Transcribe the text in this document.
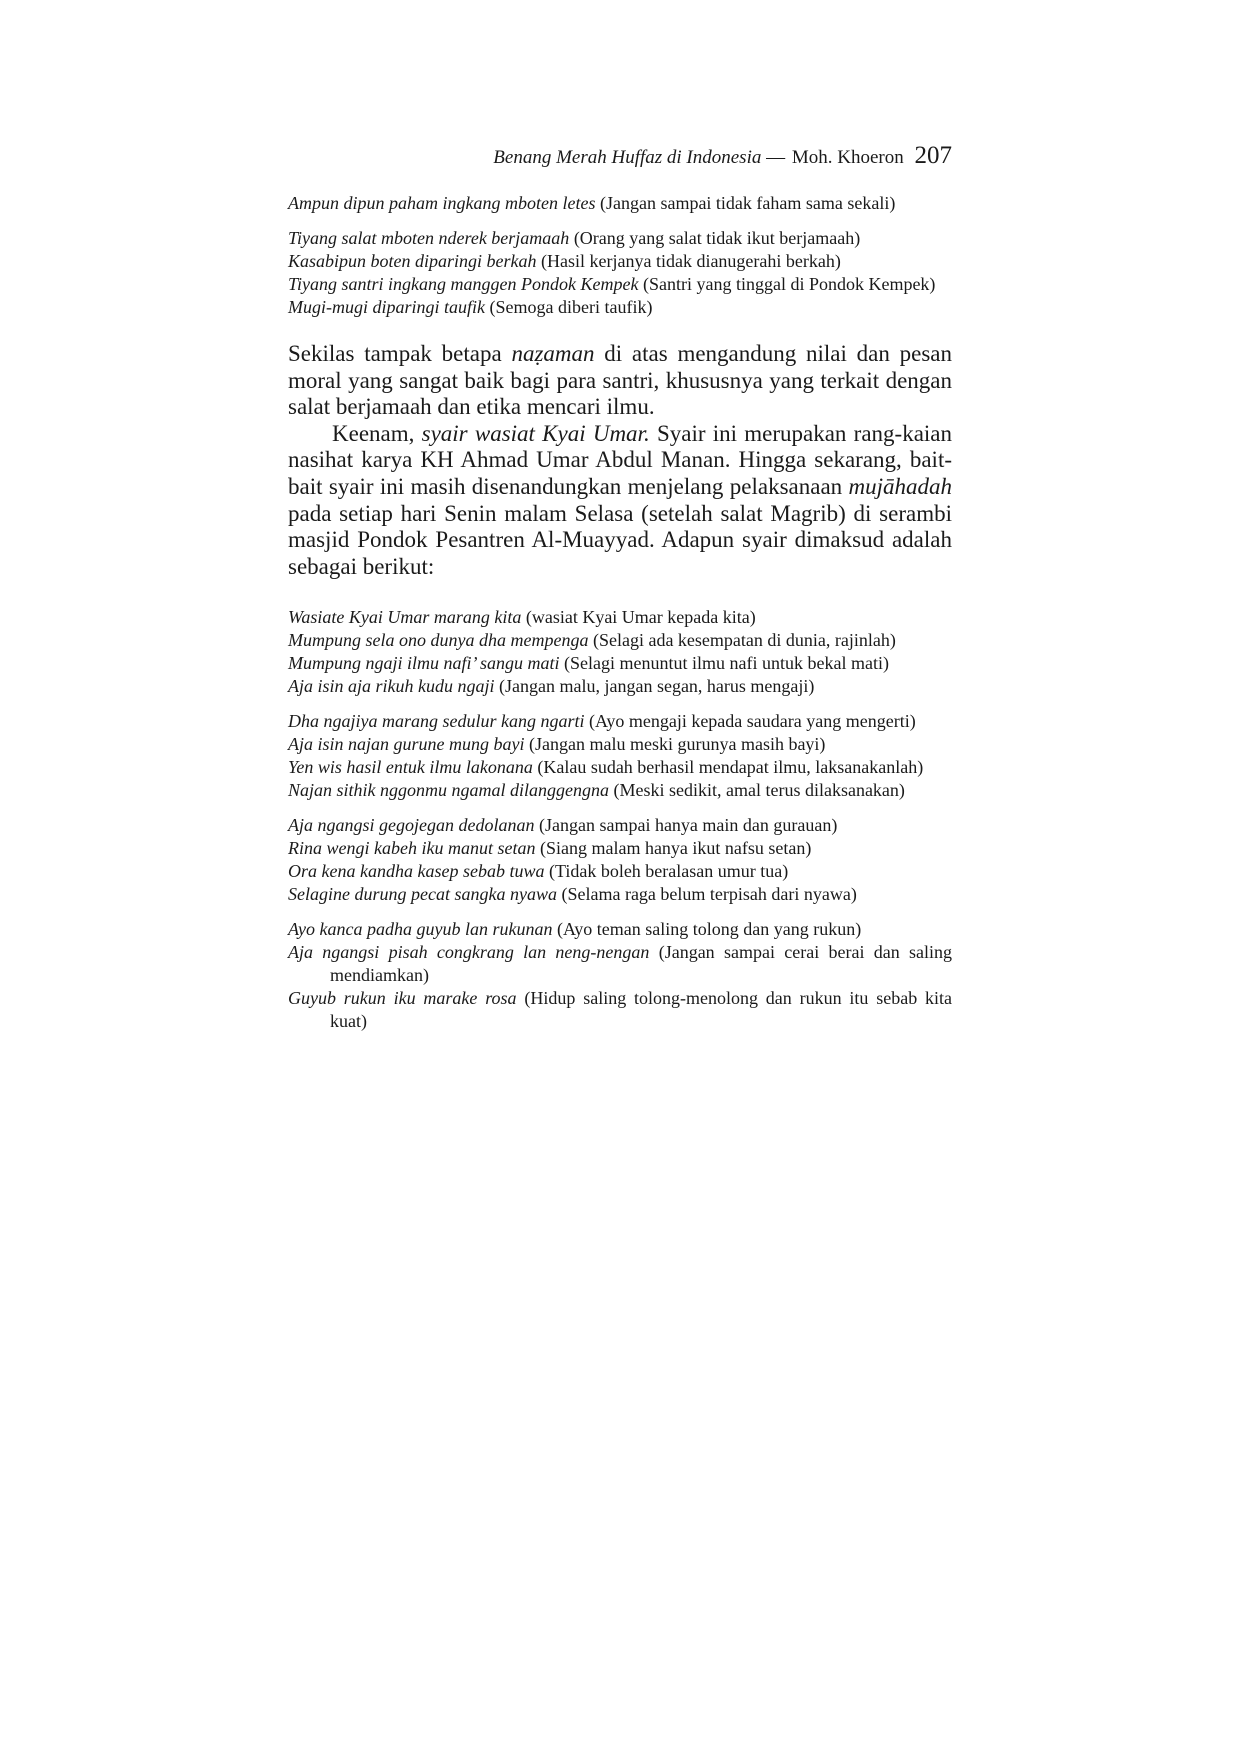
Benang Merah Huffaz di Indonesia — Moh. Khoeron 207

Ampun dipun paham ingkang mboten letes (Jangan sampai tidak faham sama sekali)

Tiyang salat mboten nderek berjamaah (Orang yang salat tidak ikut berjamaah)

Kasabipun boten diparingi berkah (Hasil kerjanya tidak dianugerahi berkah)

Tiyang santri ingkang manggen Pondok Kempek (Santri yang tinggal di Pondok Kempek)

Mugi-mugi diparingi taufik (Semoga diberi taufik)

Sekilas tampak betapa naẓaman di atas mengandung nilai dan pesan moral yang sangat baik bagi para santri, khususnya yang terkait dengan salat berjamaah dan etika mencari ilmu.

Keenam, syair wasiat Kyai Umar. Syair ini merupakan rang-kaian nasihat karya KH Ahmad Umar Abdul Manan. Hingga sekarang, bait-bait syair ini masih disenandungkan menjelang pelaksanaan mujāhadah pada setiap hari Senin malam Selasa (setelah salat Magrib) di serambi masjid Pondok Pesantren Al-Muayyad. Adapun syair dimaksud adalah sebagai berikut:

Wasiate Kyai Umar marang kita (wasiat Kyai Umar kepada kita)

Mumpung sela ono dunya dha mempenga (Selagi ada kesempatan di dunia, rajinlah)

Mumpung ngaji ilmu nafi’ sangu mati (Selagi menuntut ilmu nafi untuk bekal mati)

Aja isin aja rikuh kudu ngaji (Jangan malu, jangan segan, harus mengaji)

Dha ngajiya marang sedulur kang ngarti (Ayo mengaji kepada saudara yang mengerti)

Aja isin najan gurune mung bayi (Jangan malu meski gurunya masih bayi)

Yen wis hasil entuk ilmu lakonana (Kalau sudah berhasil mendapat ilmu, laksanakanlah)

Najan sithik nggonmu ngamal dilanggengna (Meski sedikit, amal terus dilaksanakan)

Aja ngangsi gegojegan dedolanan (Jangan sampai hanya main dan gurauan)

Rina wengi kabeh iku manut setan (Siang malam hanya ikut nafsu setan)

Ora kena kandha kasep sebab tuwa (Tidak boleh beralasan umur tua)

Selagine durung pecat sangka nyawa (Selama raga belum terpisah dari nyawa)

Ayo kanca padha guyub lan rukunan (Ayo teman saling tolong dan yang rukun)

Aja ngangsi pisah congkrang lan neng-nengan (Jangan sampai cerai berai dan saling mendiamkan)

Guyub rukun iku marake rosa (Hidup saling tolong-menolong dan rukun itu sebab kita kuat)
